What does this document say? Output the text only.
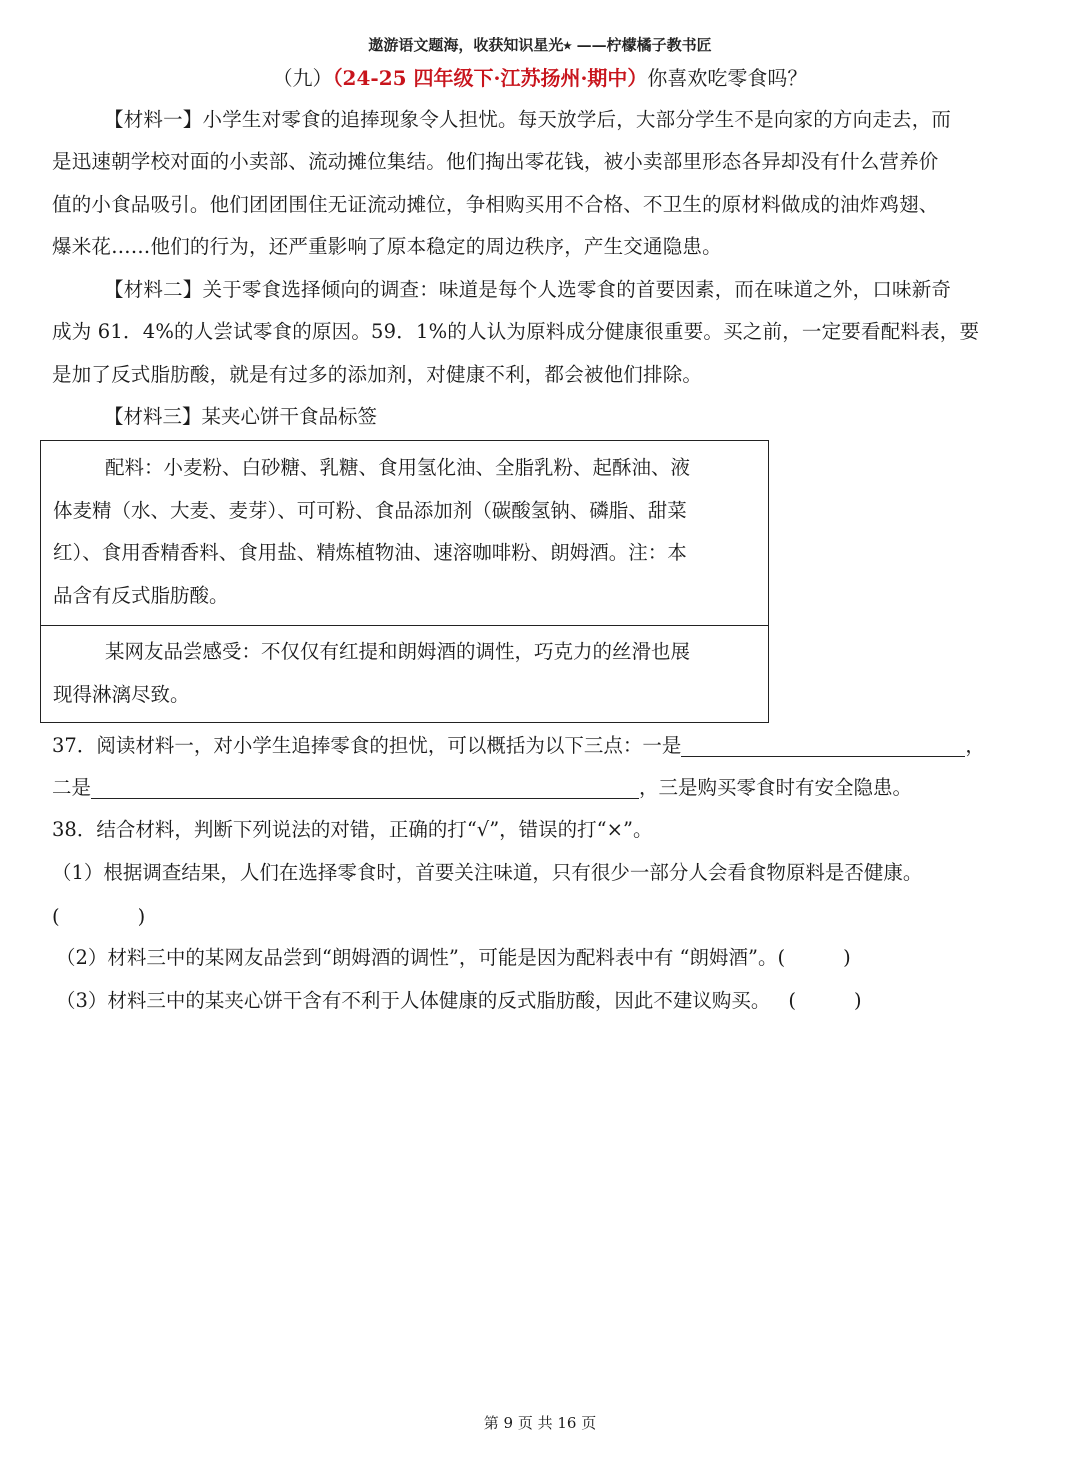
遨游语文题海，收获知识星光⭑ ——柠檬橘子教书匠
（九）（24-25 四年级下·江苏扬州·期中）你喜欢吃零食吗？
【材料一】小学生对零食的追捧现象令人担忧。每天放学后，大部分学生不是向家的方向走去，而
是迅速朝学校对面的小卖部、流动摊位集结。他们掏出零花钱，被小卖部里形态各异却没有什么营养价
值的小食品吸引。他们团团围住无证流动摊位，争相购买用不合格、不卫生的原材料做成的油炸鸡翅、
爆米花……他们的行为，还严重影响了原本稳定的周边秩序，产生交通隐患。
【材料二】关于零食选择倾向的调查：味道是每个人选零食的首要因素，而在味道之外，口味新奇
成为 61．4%的人尝试零食的原因。59．1%的人认为原料成分健康很重要。买之前，一定要看配料表，要
是加了反式脂肪酸，就是有过多的添加剂，对健康不利，都会被他们排除。
【材料三】某夹心饼干食品标签
配料：小麦粉、白砂糖、乳糖、食用氢化油、全脂乳粉、起酥油、液
体麦精（水、大麦、麦芽）、可可粉、食品添加剂（碳酸氢钠、磷脂、甜菜
红）、食用香精香料、食用盐、精炼植物油、速溶咖啡粉、朗姆酒。注：本
品含有反式脂肪酸。
某网友品尝感受：不仅仅有红提和朗姆酒的调性，巧克力的丝滑也展
现得淋漓尽致。
37．阅读材料一，对小学生追捧零食的担忧，可以概括为以下三点：一是	，
二是	，三是购买零食时有安全隐患。
38．结合材料，判断下列说法的对错，正确的打“√”，错误的打“×”。
（1）根据调查结果，人们在选择零食时，首要关注味道，只有很少一部分人会看食物原料是否健康。
(	)
（2）材料三中的某网友品尝到“朗姆酒的调性”，可能是因为配料表中有 “朗姆酒”。(	)
（3）材料三中的某夹心饼干含有不利于人体健康的反式脂肪酸，因此不建议购买。 (	)
第 9 页 共 16 页
